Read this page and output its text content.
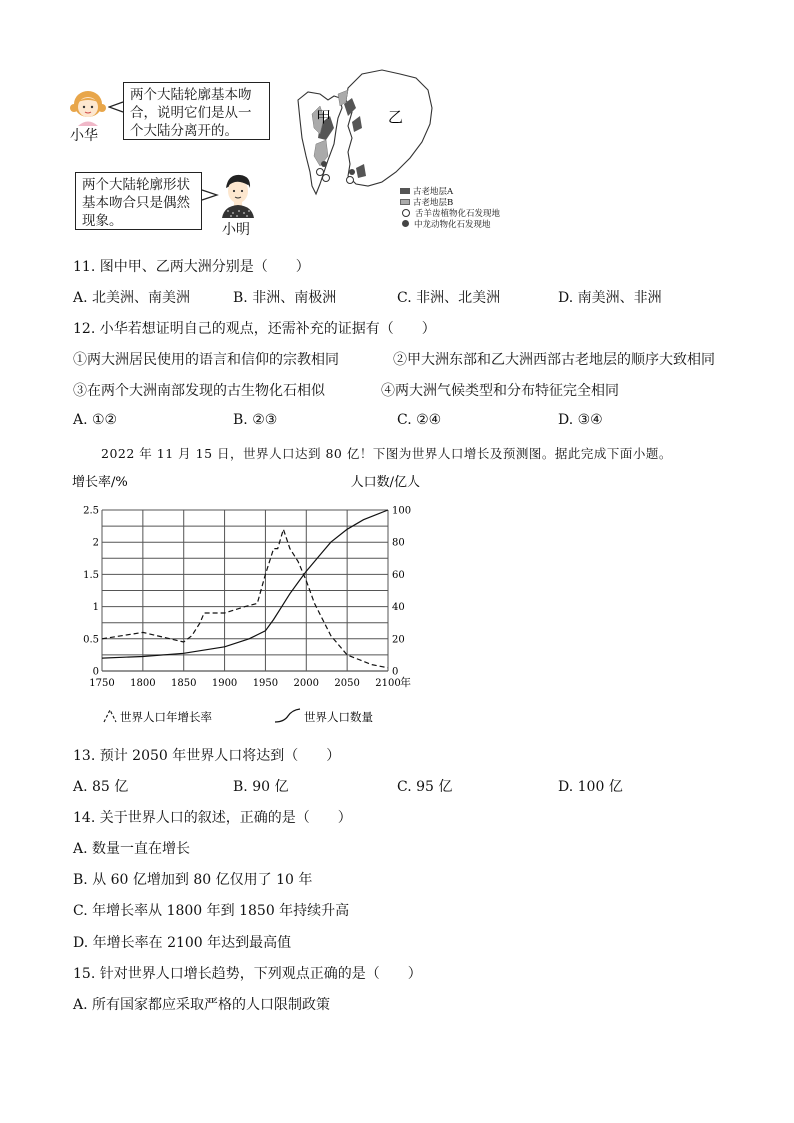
小华
两个大陆轮廓基本吻合，说明它们是从一个大陆分离开的。
两个大陆轮廓形状基本吻合只是偶然现象。
小明
甲	乙
古老地层A
古老地层B
舌羊齿植物化石发现地
中龙动物化石发现地
11. 图中甲、乙两大洲分别是（　　）
A. 北美洲、南美洲	B. 非洲、南极洲	C. 非洲、北美洲	D. 南美洲、非洲
12. 小华若想证明自己的观点，还需补充的证据有（　　）
①两大洲居民使用的语言和信仰的宗教相同	②甲大洲东部和乙大洲西部古老地层的顺序大致相同
③在两个大洲南部发现的古生物化石相似	④两大洲气候类型和分布特征完全相同
A. ①②	B. ②③	C. ②④	D. ③④
2022 年 11 月 15 日，世界人口达到 80 亿！下图为世界人口增长及预测图。据此完成下面小题。
0
0.5
1
1.5
2
2.5
0
20
40
60
80
100
1750 1800 1850 1900 1950 2000 2050 2100 年
增长率/%	人口数/亿人
世界人口年增长率	世界人口数量
13. 预计 2050 年世界人口将达到（　　）
A. 85 亿	B. 90 亿	C. 95 亿	D. 100 亿
14. 关于世界人口的叙述，正确的是（　　）
A. 数量一直在增长
B. 从 60 亿增加到 80 亿仅用了 10 年
C. 年增长率从 1800 年到 1850 年持续升高
D. 年增长率在 2100 年达到最高值
15. 针对世界人口增长趋势，下列观点正确的是（　　）
A. 所有国家都应采取严格的人口限制政策
